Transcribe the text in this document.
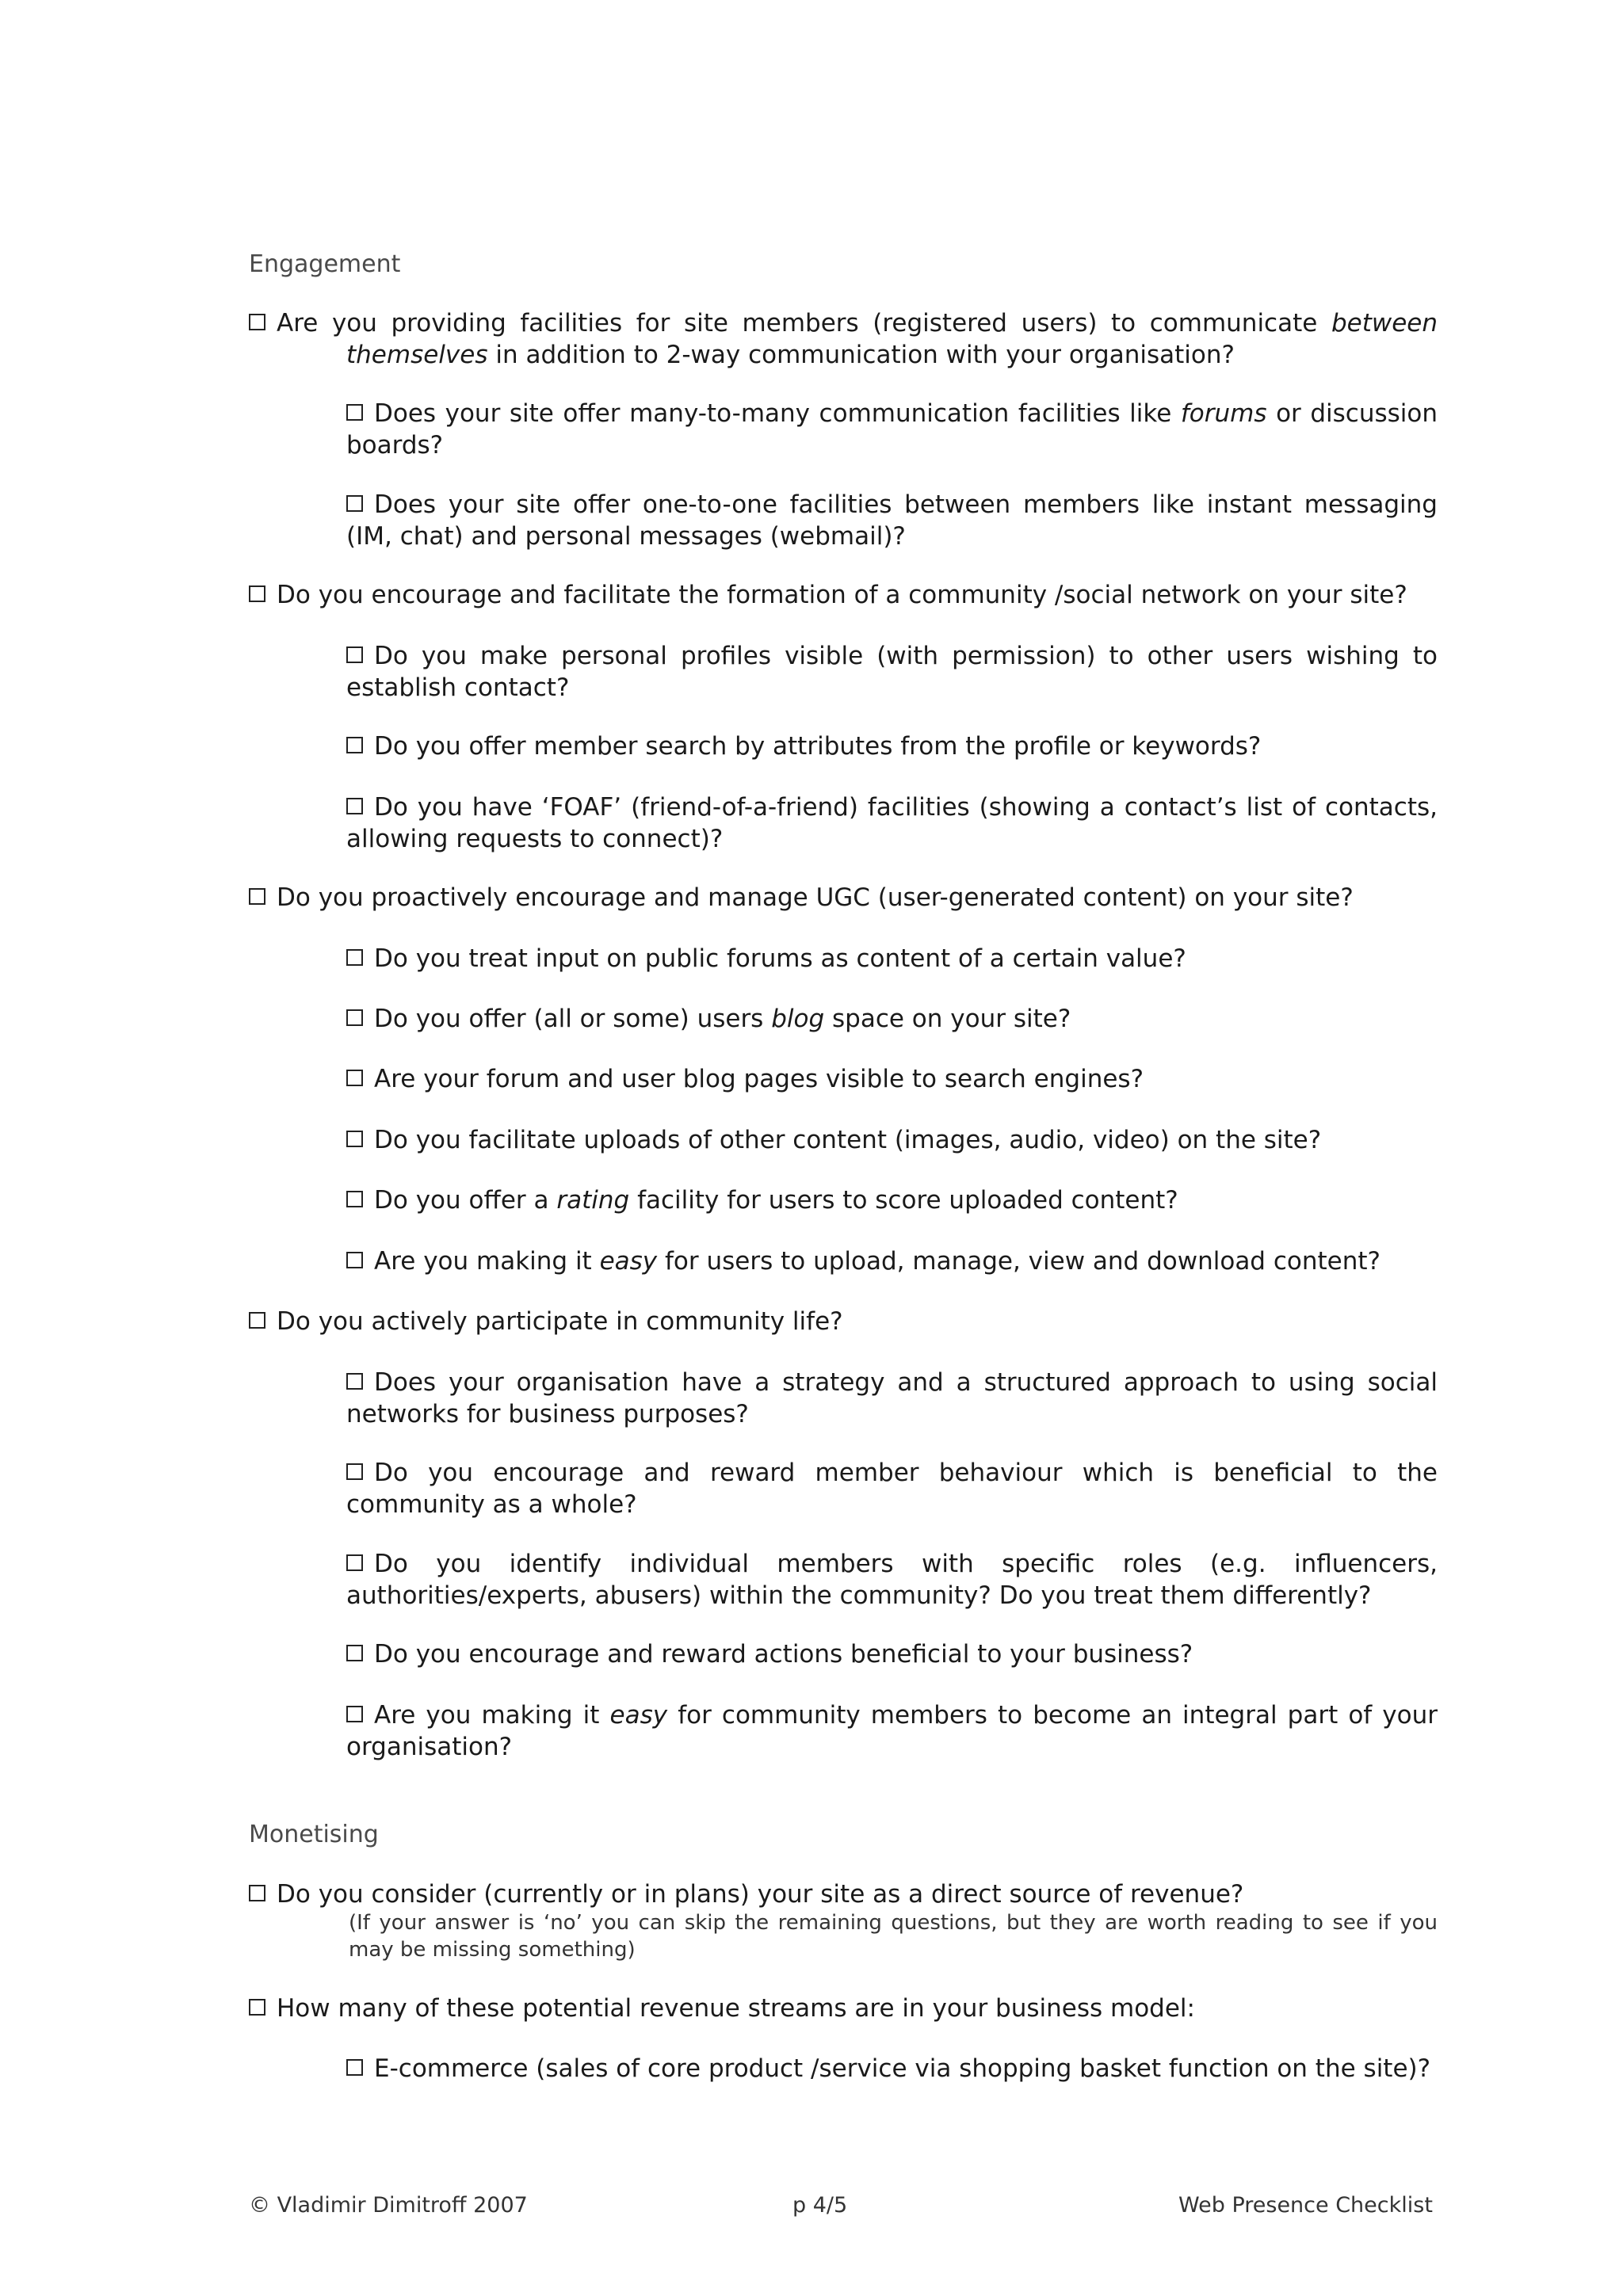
Engagement
Are you providing facilities for site members (registered users) to communicate between themselves in addition to 2-way communication with your organisation?
Does your site offer many-to-many communication facilities like forums or discussion boards?
Does your site offer one-to-one facilities between members like instant messaging (IM, chat) and personal messages (webmail)?
Do you encourage and facilitate the formation of a community /social network on your site?
Do you make personal profiles visible (with permission) to other users wishing to establish contact?
Do you offer member search by attributes from the profile or keywords?
Do you have ‘FOAF’ (friend-of-a-friend) facilities (showing a contact’s list of contacts, allowing requests to connect)?
Do you proactively encourage and manage UGC (user-generated content) on your site?
Do you treat input on public forums as content of a certain value?
Do you offer (all or some) users blog space on your site?
Are your forum and user blog pages visible to search engines?
Do you facilitate uploads of other content (images, audio, video) on the site?
Do you offer a rating facility for users to score uploaded content?
Are you making it easy for users to upload, manage, view and download content?
Do you actively participate in community life?
Does your organisation have a strategy and a structured approach to using social networks for business purposes?
Do you encourage and reward member behaviour which is beneficial to the community as a whole?
Do you identify individual members with specific roles (e.g. influencers, authorities/experts, abusers) within the community? Do you treat them differently?
Do you encourage and reward actions beneficial to your business?
Are you making it easy for community members to become an integral part of your organisation?
Monetising
Do you consider (currently or in plans) your site as a direct source of revenue?
(If your answer is ‘no’ you can skip the remaining questions, but they are worth reading to see if you may be missing something)
How many of these potential revenue streams are in your business model:
E-commerce (sales of core product /service via shopping basket function on the site)?
© Vladimir Dimitroff 2007	p 4/5	Web Presence Checklist
